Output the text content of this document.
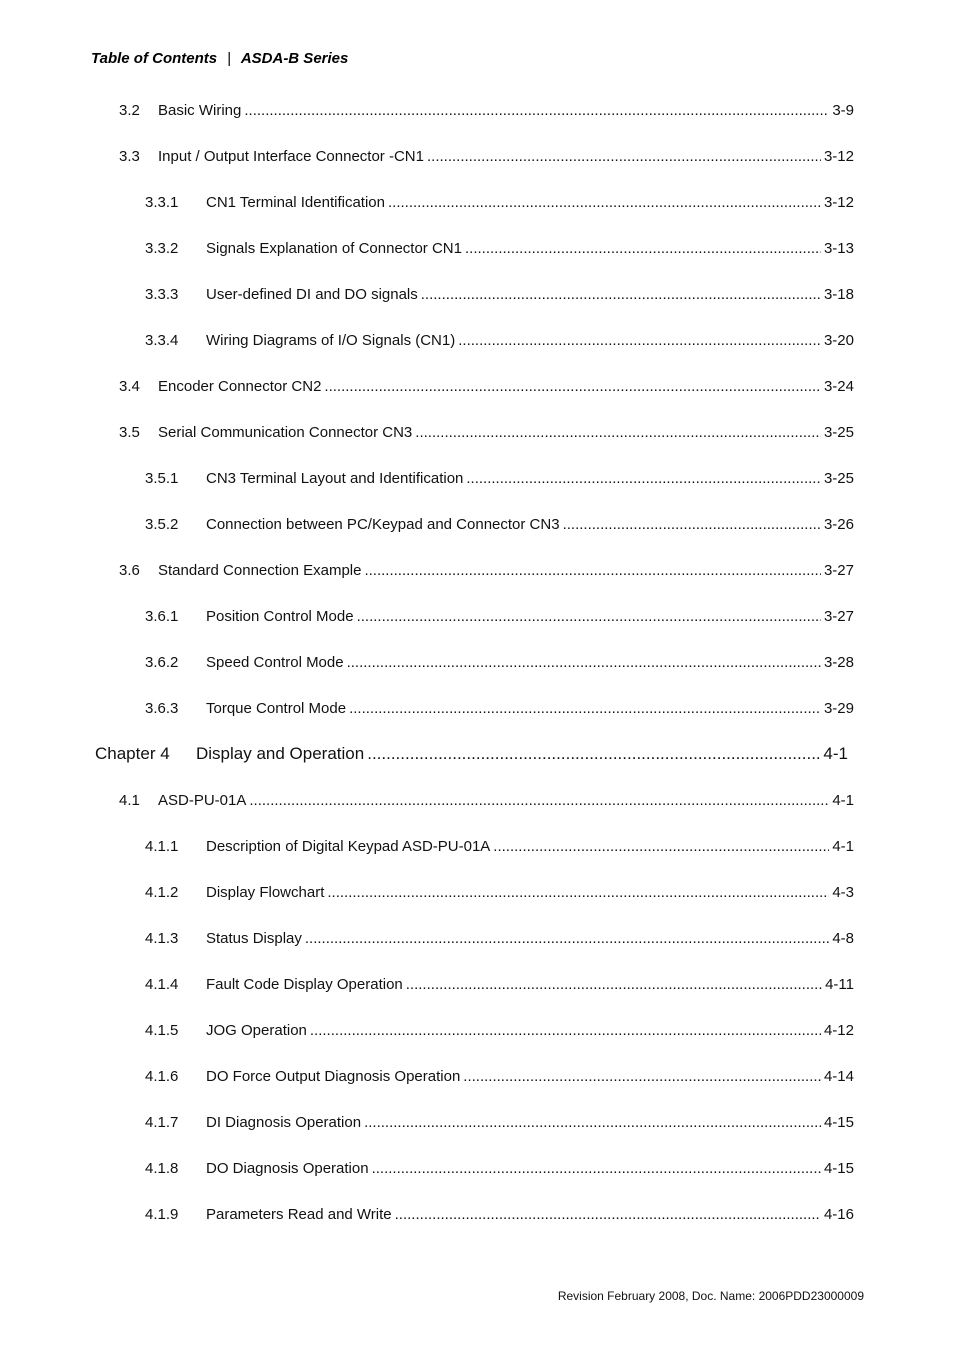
Table of Contents | ASDA-B Series
3.2	Basic Wiring .....	3-9
3.3	Input / Output Interface Connector -CN1 .....	3-12
3.3.1	CN1 Terminal Identification .....	3-12
3.3.2	Signals Explanation of Connector CN1 .....	3-13
3.3.3	User-defined DI and DO signals .....	3-18
3.3.4	Wiring Diagrams of I/O Signals (CN1) .....	3-20
3.4	Encoder Connector CN2 .....	3-24
3.5	Serial Communication Connector CN3 .....	3-25
3.5.1	CN3 Terminal Layout and Identification .....	3-25
3.5.2	Connection between PC/Keypad and Connector CN3 .....	3-26
3.6	Standard Connection Example .....	3-27
3.6.1	Position Control Mode .....	3-27
3.6.2	Speed Control Mode .....	3-28
3.6.3	Torque Control Mode .....	3-29
Chapter 4	Display and Operation .....	4-1
4.1	ASD-PU-01A .....	4-1
4.1.1	Description of Digital Keypad ASD-PU-01A .....	4-1
4.1.2	Display Flowchart .....	4-3
4.1.3	Status Display .....	4-8
4.1.4	Fault Code Display Operation .....	4-11
4.1.5	JOG Operation .....	4-12
4.1.6	DO Force Output Diagnosis Operation .....	4-14
4.1.7	DI Diagnosis Operation .....	4-15
4.1.8	DO Diagnosis Operation .....	4-15
4.1.9	Parameters Read and Write .....	4-16
Revision February 2008, Doc. Name: 2006PDD23000009
